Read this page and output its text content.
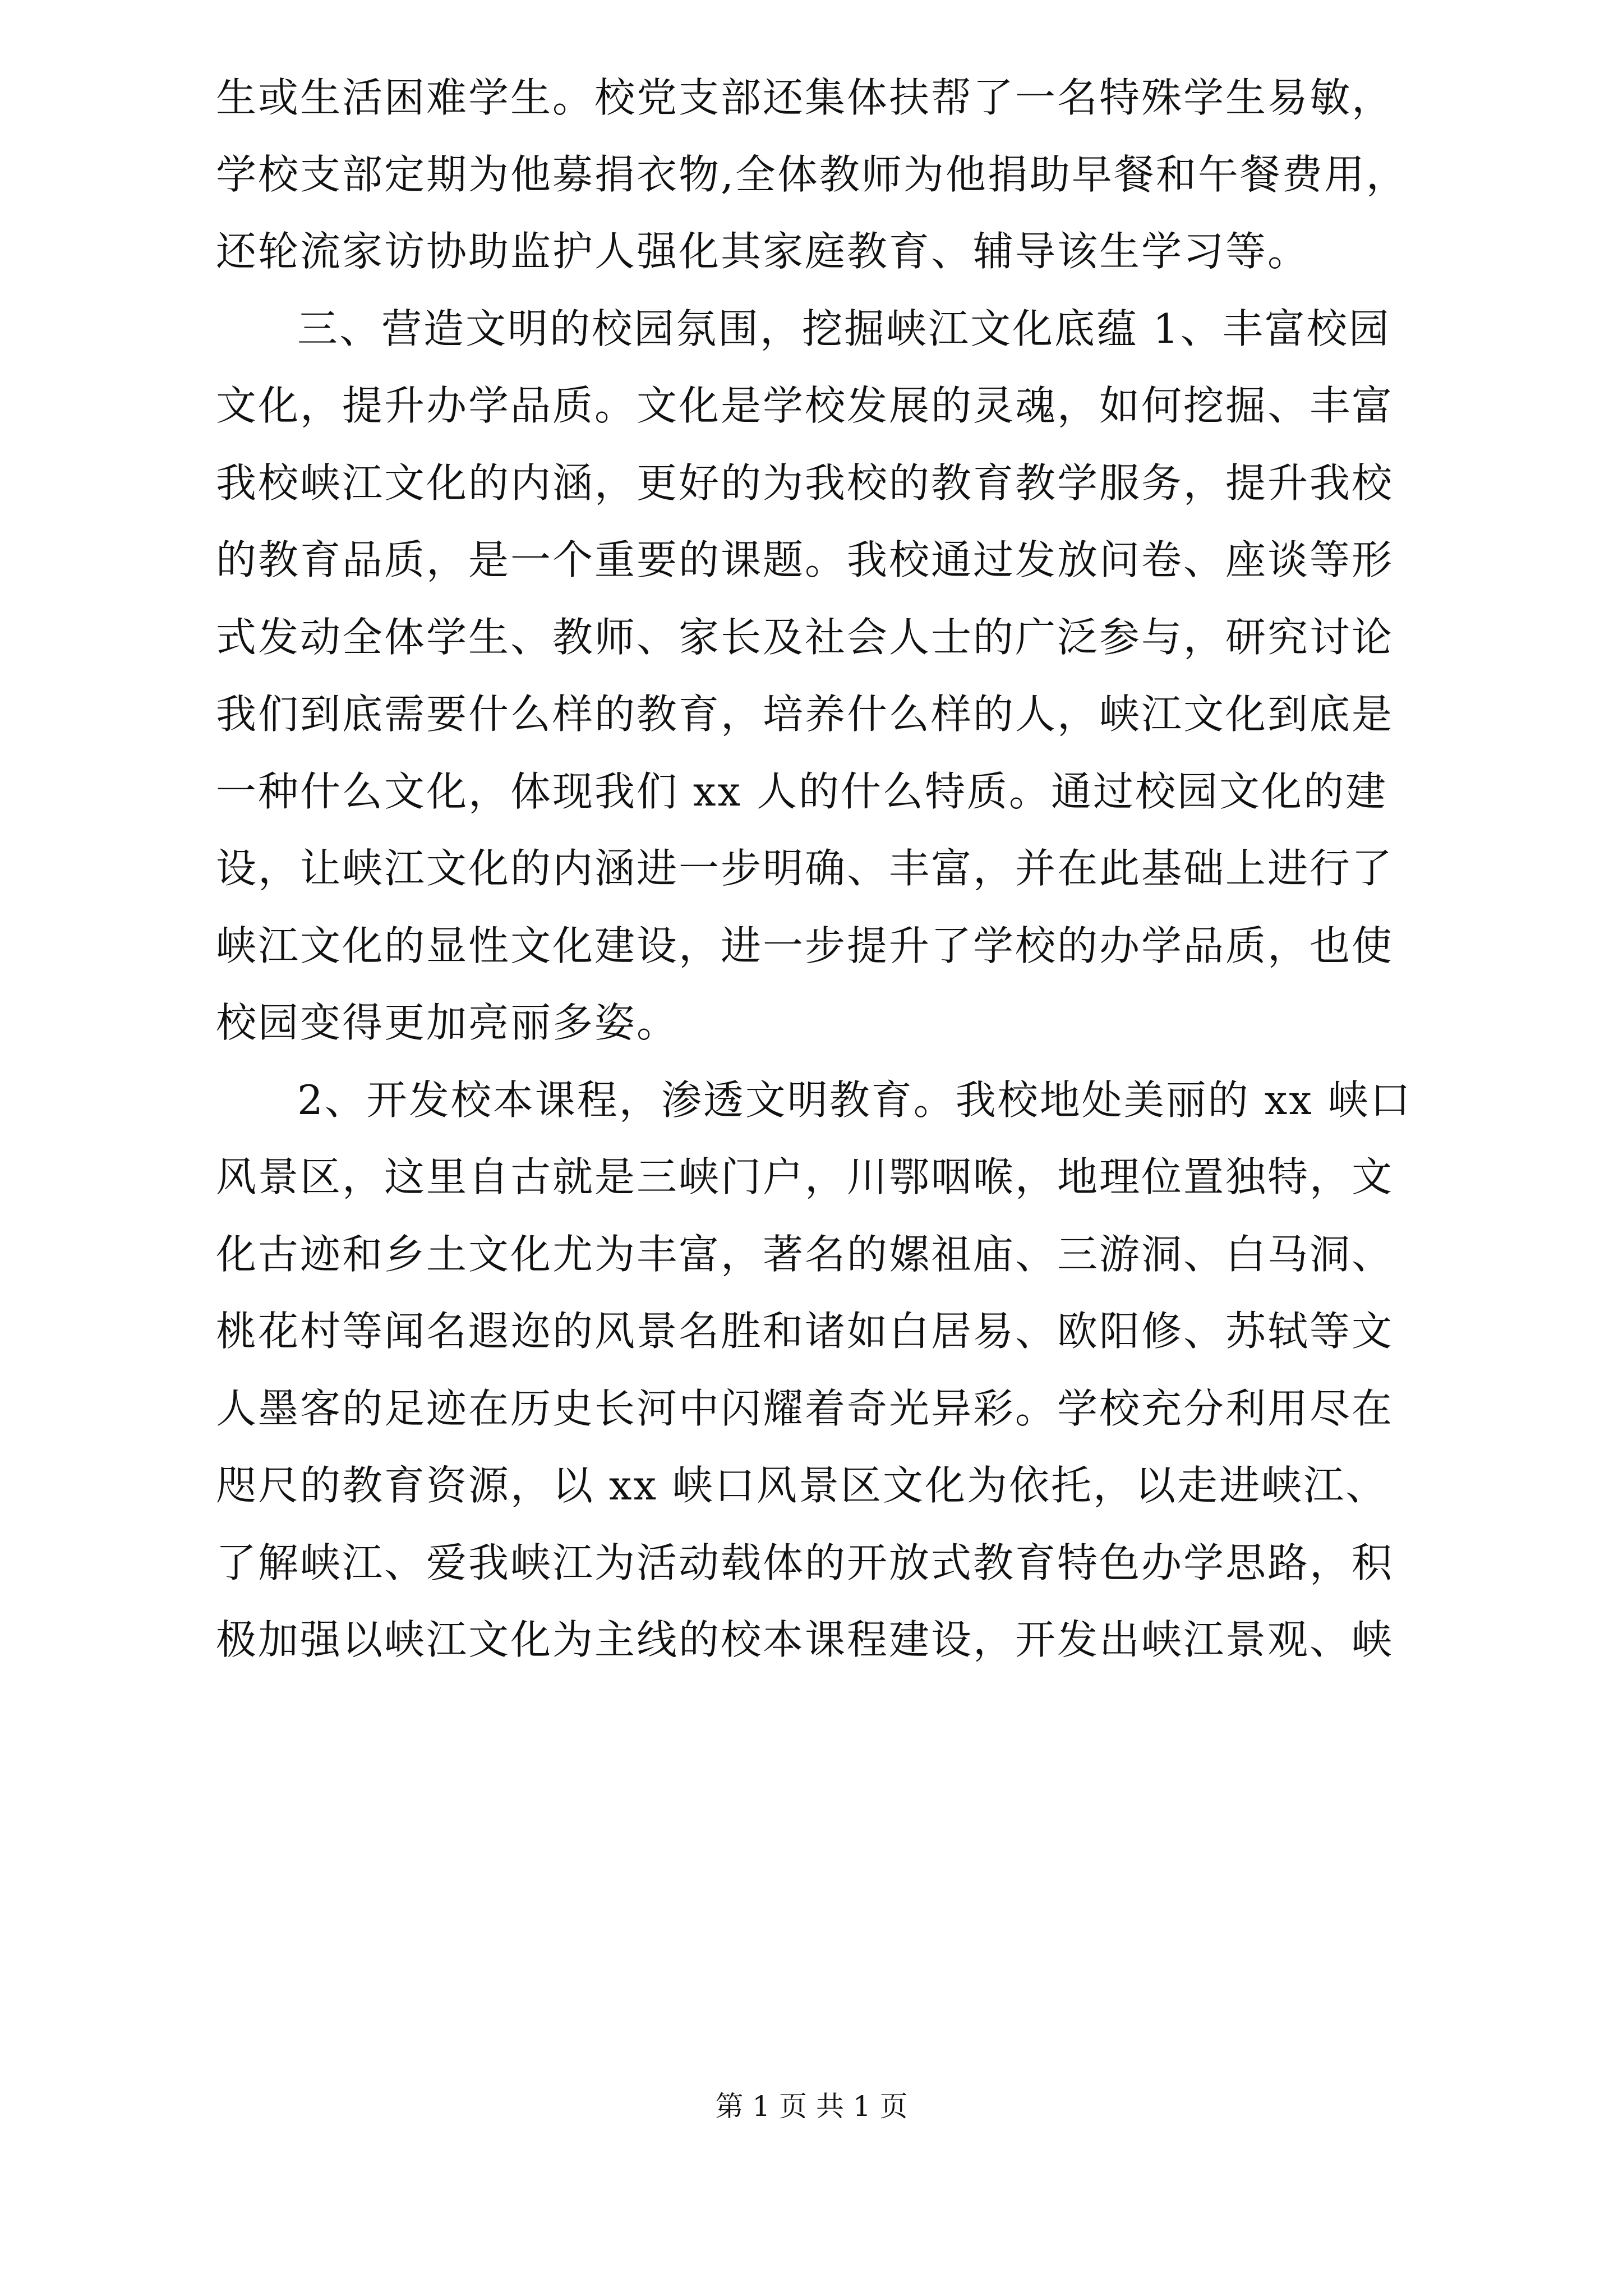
生或生活困难学生。校党支部还集体扶帮了一名特殊学生易敏，
学校支部定期为他募捐衣物,全体教师为他捐助早餐和午餐费用，
还轮流家访协助监护人强化其家庭教育、辅导该生学习等。
三、营造文明的校园氛围，挖掘峡江文化底蕴 1、丰富校园
文化，提升办学品质。文化是学校发展的灵魂，如何挖掘、丰富
我校峡江文化的内涵，更好的为我校的教育教学服务，提升我校
的教育品质，是一个重要的课题。我校通过发放问卷、座谈等形
式发动全体学生、教师、家长及社会人士的广泛参与，研究讨论
我们到底需要什么样的教育，培养什么样的人，峡江文化到底是
一种什么文化，体现我们 xx 人的什么特质。通过校园文化的建
设，让峡江文化的内涵进一步明确、丰富，并在此基础上进行了
峡江文化的显性文化建设，进一步提升了学校的办学品质，也使
校园变得更加亮丽多姿。
2、开发校本课程，渗透文明教育。我校地处美丽的 xx 峡口
风景区，这里自古就是三峡门户，川鄂咽喉，地理位置独特，文
化古迹和乡土文化尤为丰富，著名的嫘祖庙、三游洞、白马洞、
桃花村等闻名遐迩的风景名胜和诸如白居易、欧阳修、苏轼等文
人墨客的足迹在历史长河中闪耀着奇光异彩。学校充分利用尽在
咫尺的教育资源，以 xx 峡口风景区文化为依托，以走进峡江、
了解峡江、爱我峡江为活动载体的开放式教育特色办学思路，积
极加强以峡江文化为主线的校本课程建设，开发出峡江景观、峡
第 1 页 共 1 页
